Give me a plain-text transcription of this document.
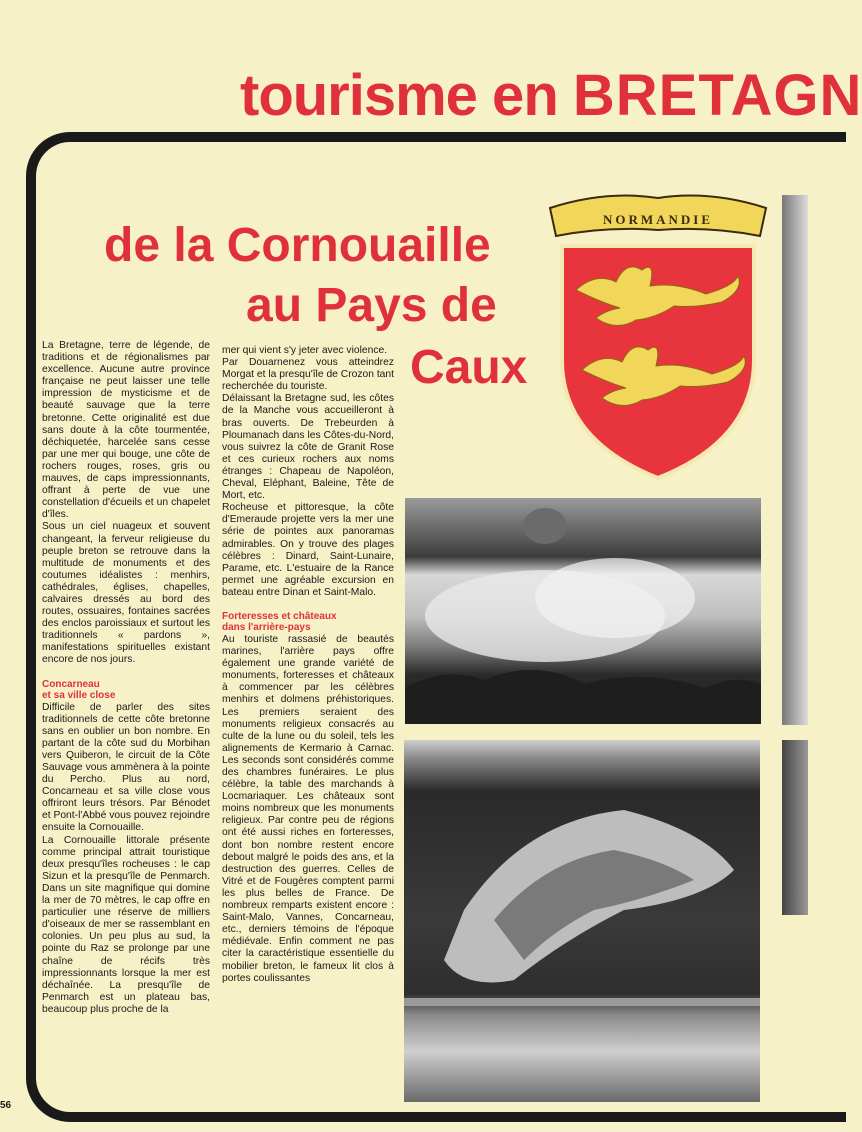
tourisme en BRETAGN
de la Cornouaille
au Pays de
Caux
NORMANDIE

La Bretagne, terre de légende, de traditions et de régionalismes par excellence. Aucune autre province française ne peut laisser une telle impression de mysticisme et de beauté sauvage que la terre bretonne. Cette originalité est due sans doute à la côte tourmentée, déchiquetée, harcelée sans cesse par une mer qui bouge, une côte de rochers rouges, roses, gris ou mauves, de caps impressionnants, offrant à perte de vue une constellation d'écueils et un chapelet d'îles.

Sous un ciel nuageux et souvent changeant, la ferveur religieuse du peuple breton se retrouve dans la multitude de monuments et des coutumes idéalistes : menhirs, cathédrales, églises, chapelles, calvaires dressés au bord des routes, ossuaires, fontaines sacrées des enclos paroissiaux et surtout les traditionnels « pardons », manifestations spirituelles existant encore de nos jours.

Concarneau
et sa ville close

Difficile de parler des sites traditionnels de cette côte bretonne sans en oublier un bon nombre. En partant de la côte sud du Morbihan vers Quiberon, le circuit de la Côte Sauvage vous ammènera à la pointe du Percho. Plus au nord, Concarneau et sa ville close vous offriront leurs trésors. Par Bénodet et Pont-l'Abbé vous pouvez rejoindre ensuite la Cornouaille.

La Cornouaille littorale présente comme principal attrait touristique deux presqu'îles rocheuses : le cap Sizun et la presqu'île de Penmarch. Dans un site magnifique qui domine la mer de 70 mètres, le cap offre en particulier une réserve de milliers d'oiseaux de mer se rassemblant en colonies. Un peu plus au sud, la pointe du Raz se prolonge par une chaîne de récifs très impressionnants lorsque la mer est déchaînée. La presqu'île de Penmarch est un plateau bas, beaucoup plus proche de la

mer qui vient s'y jeter avec violence.

Par Douarnenez vous atteindrez Morgat et la presqu'île de Crozon tant recherchée du touriste.

Délaissant la Bretagne sud, les côtes de la Manche vous accueilleront à bras ouverts. De Trebeurden à Ploumanach dans les Côtes-du-Nord, vous suivrez la côte de Granit Rose et ces curieux rochers aux noms étranges : Chapeau de Napoléon, Cheval, Eléphant, Baleine, Tête de Mort, etc.

Rocheuse et pittoresque, la côte d'Emeraude projette vers la mer une série de pointes aux panoramas admirables. On y trouve des plages célèbres : Dinard, Saint-Lunaire, Parame, etc. L'estuaire de la Rance permet une agréable excursion en bateau entre Dinan et Saint-Malo.

Forteresses et châteaux
dans l'arrière-pays

Au touriste rassasié de beautés marines, l'arrière pays offre également une grande variété de monuments, forteresses et châteaux à commencer par les célèbres menhirs et dolmens préhistoriques. Les premiers seraient des monuments religieux consacrés au culte de la lune ou du soleil, tels les alignements de Kermario à Carnac. Les seconds sont considérés comme des chambres funéraires. Le plus célèbre, la table des marchands à Locmariaquer. Les châteaux sont moins nombreux que les monuments religieux. Par contre peu de régions ont été aussi riches en forteresses, dont bon nombre restent encore debout malgré le poids des ans, et la destruction des guerres. Celles de Vitré et de Fougères comptent parmi les plus belles de France. De nombreux remparts existent encore : Saint-Malo, Vannes, Concarneau, etc., derniers témoins de l'époque médiévale. Enfin comment ne pas citer la caractéristique essentielle du mobilier breton, le fameux lit clos à portes coulissantes

56
